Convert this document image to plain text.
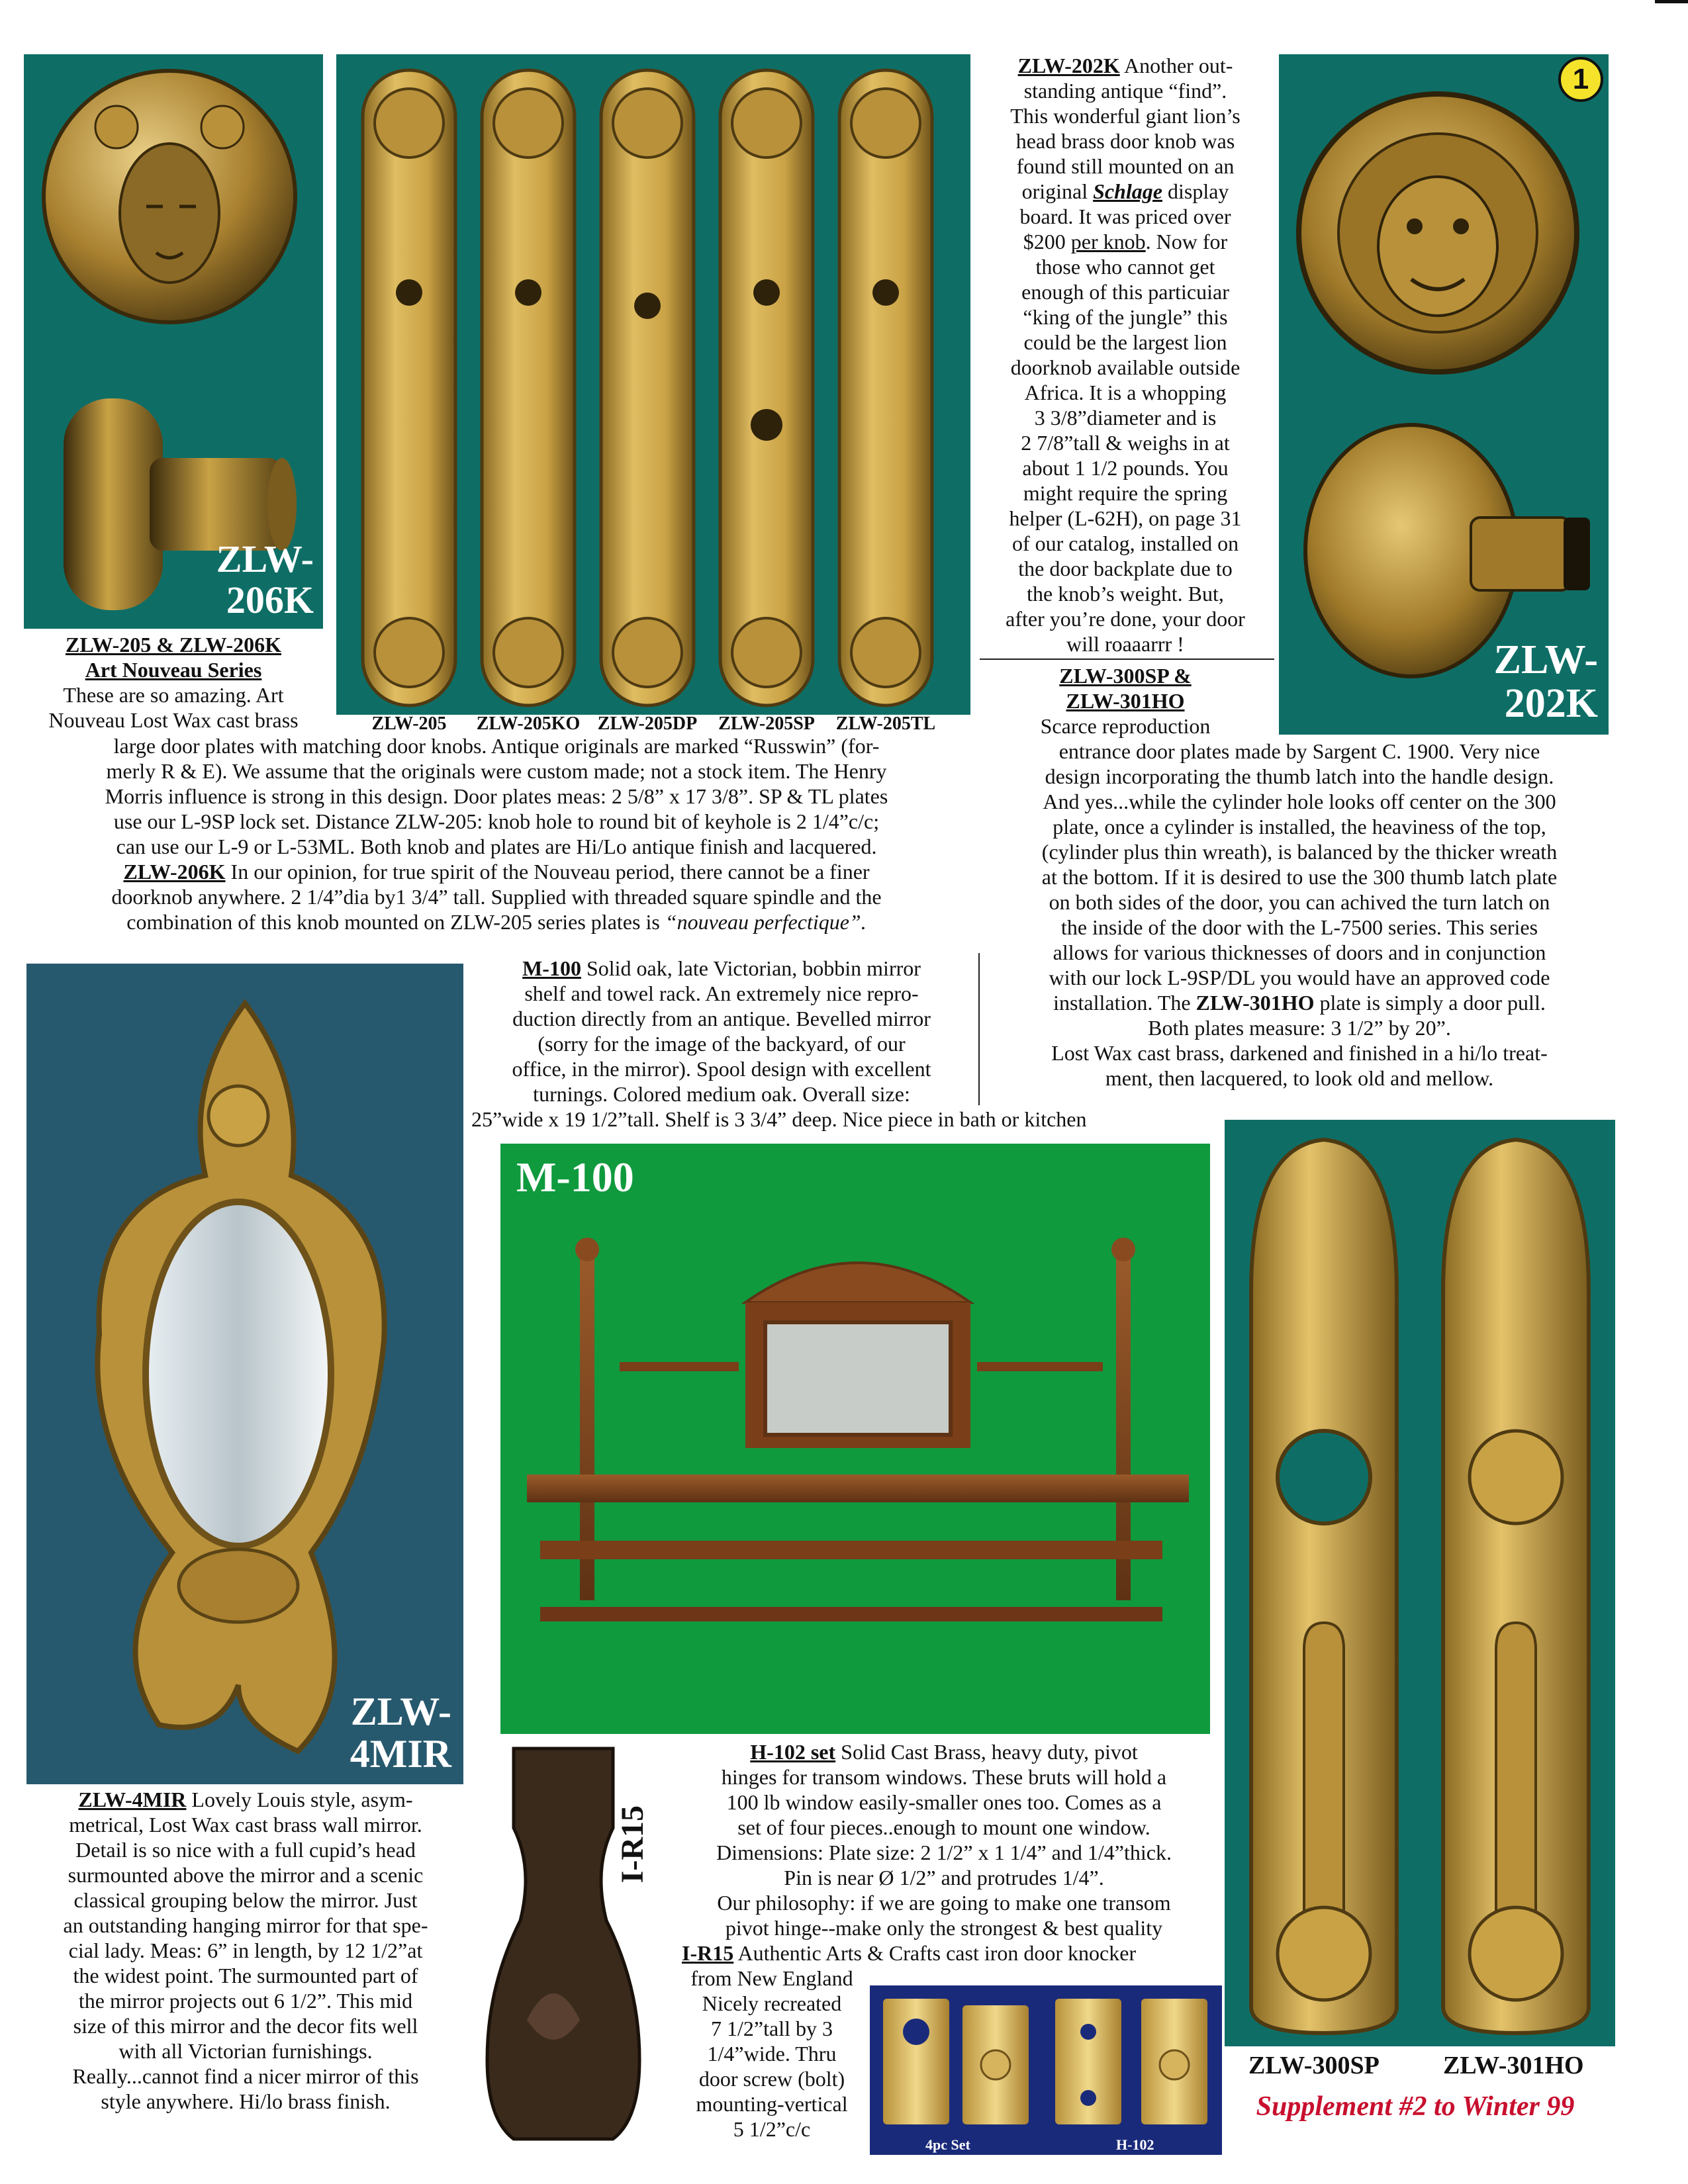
ZLW-
206K
ZLW-205	ZLW-205KO ZLW-205DP	ZLW-205SP	ZLW-205TL
1
ZLW-
202K
ZLW-202K Another out-
standing antique “find”.
This wonderful giant lion’s
head brass door knob was
found still mounted on an
original Schlage display
board. It was priced over
$200 per knob. Now for
those who cannot get
enough of this particuiar
“king of the jungle” this
could be the largest lion
doorknob available outside
Africa. It is a whopping
3 3/8”diameter and is
2 7/8”tall & weighs in at
about 1 1/2 pounds. You
might require the spring
helper (L-62H), on page 31
of our catalog, installed on
the door backplate due to
the knob’s weight. But,
after you’re done, your door
will roaaarrr !
ZLW-300SP &
ZLW-301HO
Scarce reproduction
ZLW-205 & ZLW-206K
Art Nouveau Series
These are so amazing. Art
Nouveau Lost Wax cast brass
large door plates with matching door knobs. Antique originals are marked “Russwin” (for-
merly R & E). We assume that the originals were custom made; not a stock item. The Henry
Morris influence is strong in this design. Door plates meas: 2 5/8” x 17 3/8”. SP & TL plates
use our L-9SP lock set. Distance ZLW-205: knob hole to round bit of keyhole is 2 1/4”c/c;
can use our L-9 or L-53ML. Both knob and plates are Hi/Lo antique finish and lacquered.
ZLW-206K In our opinion, for true spirit of the Nouveau period, there cannot be a finer
doorknob anywhere. 2 1/4”dia by1 3/4” tall. Supplied with threaded square spindle and the
combination of this knob mounted on ZLW-205 series plates is “nouveau perfectique”.
entrance door plates made by Sargent C. 1900. Very nice
design incorporating the thumb latch into the handle design.
And yes...while the cylinder hole looks off center on the 300
plate, once a cylinder is installed, the heaviness of the top,
(cylinder plus thin wreath), is balanced by the thicker wreath
at the bottom. If it is desired to use the 300 thumb latch plate
on both sides of the door, you can achived the turn latch on
the inside of the door with the L-7500 series. This series
allows for various thicknesses of doors and in conjunction
with our lock L-9SP/DL you would have an approved code
installation. The ZLW-301HO plate is simply a door pull.
Both plates measure: 3 1/2” by 20”.
Lost Wax cast brass, darkened and finished in a hi/lo treat-
ment, then lacquered, to look old and mellow.
ZLW-
4MIR
M-100 Solid oak, late Victorian, bobbin mirror
shelf and towel rack. An extremely nice repro-
duction directly from an antique. Bevelled mirror
(sorry for the image of the backyard, of our
office, in the mirror). Spool design with excellent
turnings. Colored medium oak. Overall size:
25”wide x 19 1/2”tall. Shelf is 3 3/4” deep. Nice piece in bath or kitchen
M-100
ZLW-300SP	ZLW-301HO
ZLW-4MIR Lovely Louis style, asym-
metrical, Lost Wax cast brass wall mirror.
Detail is so nice with a full cupid’s head
surmounted above the mirror and a scenic
classical grouping below the mirror. Just
an outstanding hanging mirror for that spe-
cial lady. Meas: 6” in length, by 12 1/2”at
the widest point. The surmounted part of
the mirror projects out 6 1/2”. This mid
size of this mirror and the decor fits well
with all Victorian furnishings.
Really...cannot find a nicer mirror of this
style anywhere. Hi/lo brass finish.
I-R15
H-102 set Solid Cast Brass, heavy duty, pivot
hinges for transom windows. These bruts will hold a
100 lb window easily-smaller ones too. Comes as a
set of four pieces..enough to mount one window.
Dimensions: Plate size: 2 1/2” x 1 1/4” and 1/4”thick.
Pin is near Ø 1/2” and protrudes 1/4”.
Our philosophy: if we are going to make one transom
pivot hinge--make only the strongest & best quality
I-R15 Authentic Arts & Crafts cast iron door knocker
from New England
Nicely recreated
7 1/2”tall by 3
1/4”wide. Thru
door screw (bolt)
mounting-vertical
5 1/2”c/c
4pc Set	H-102
Supplement #2 to Winter 99
